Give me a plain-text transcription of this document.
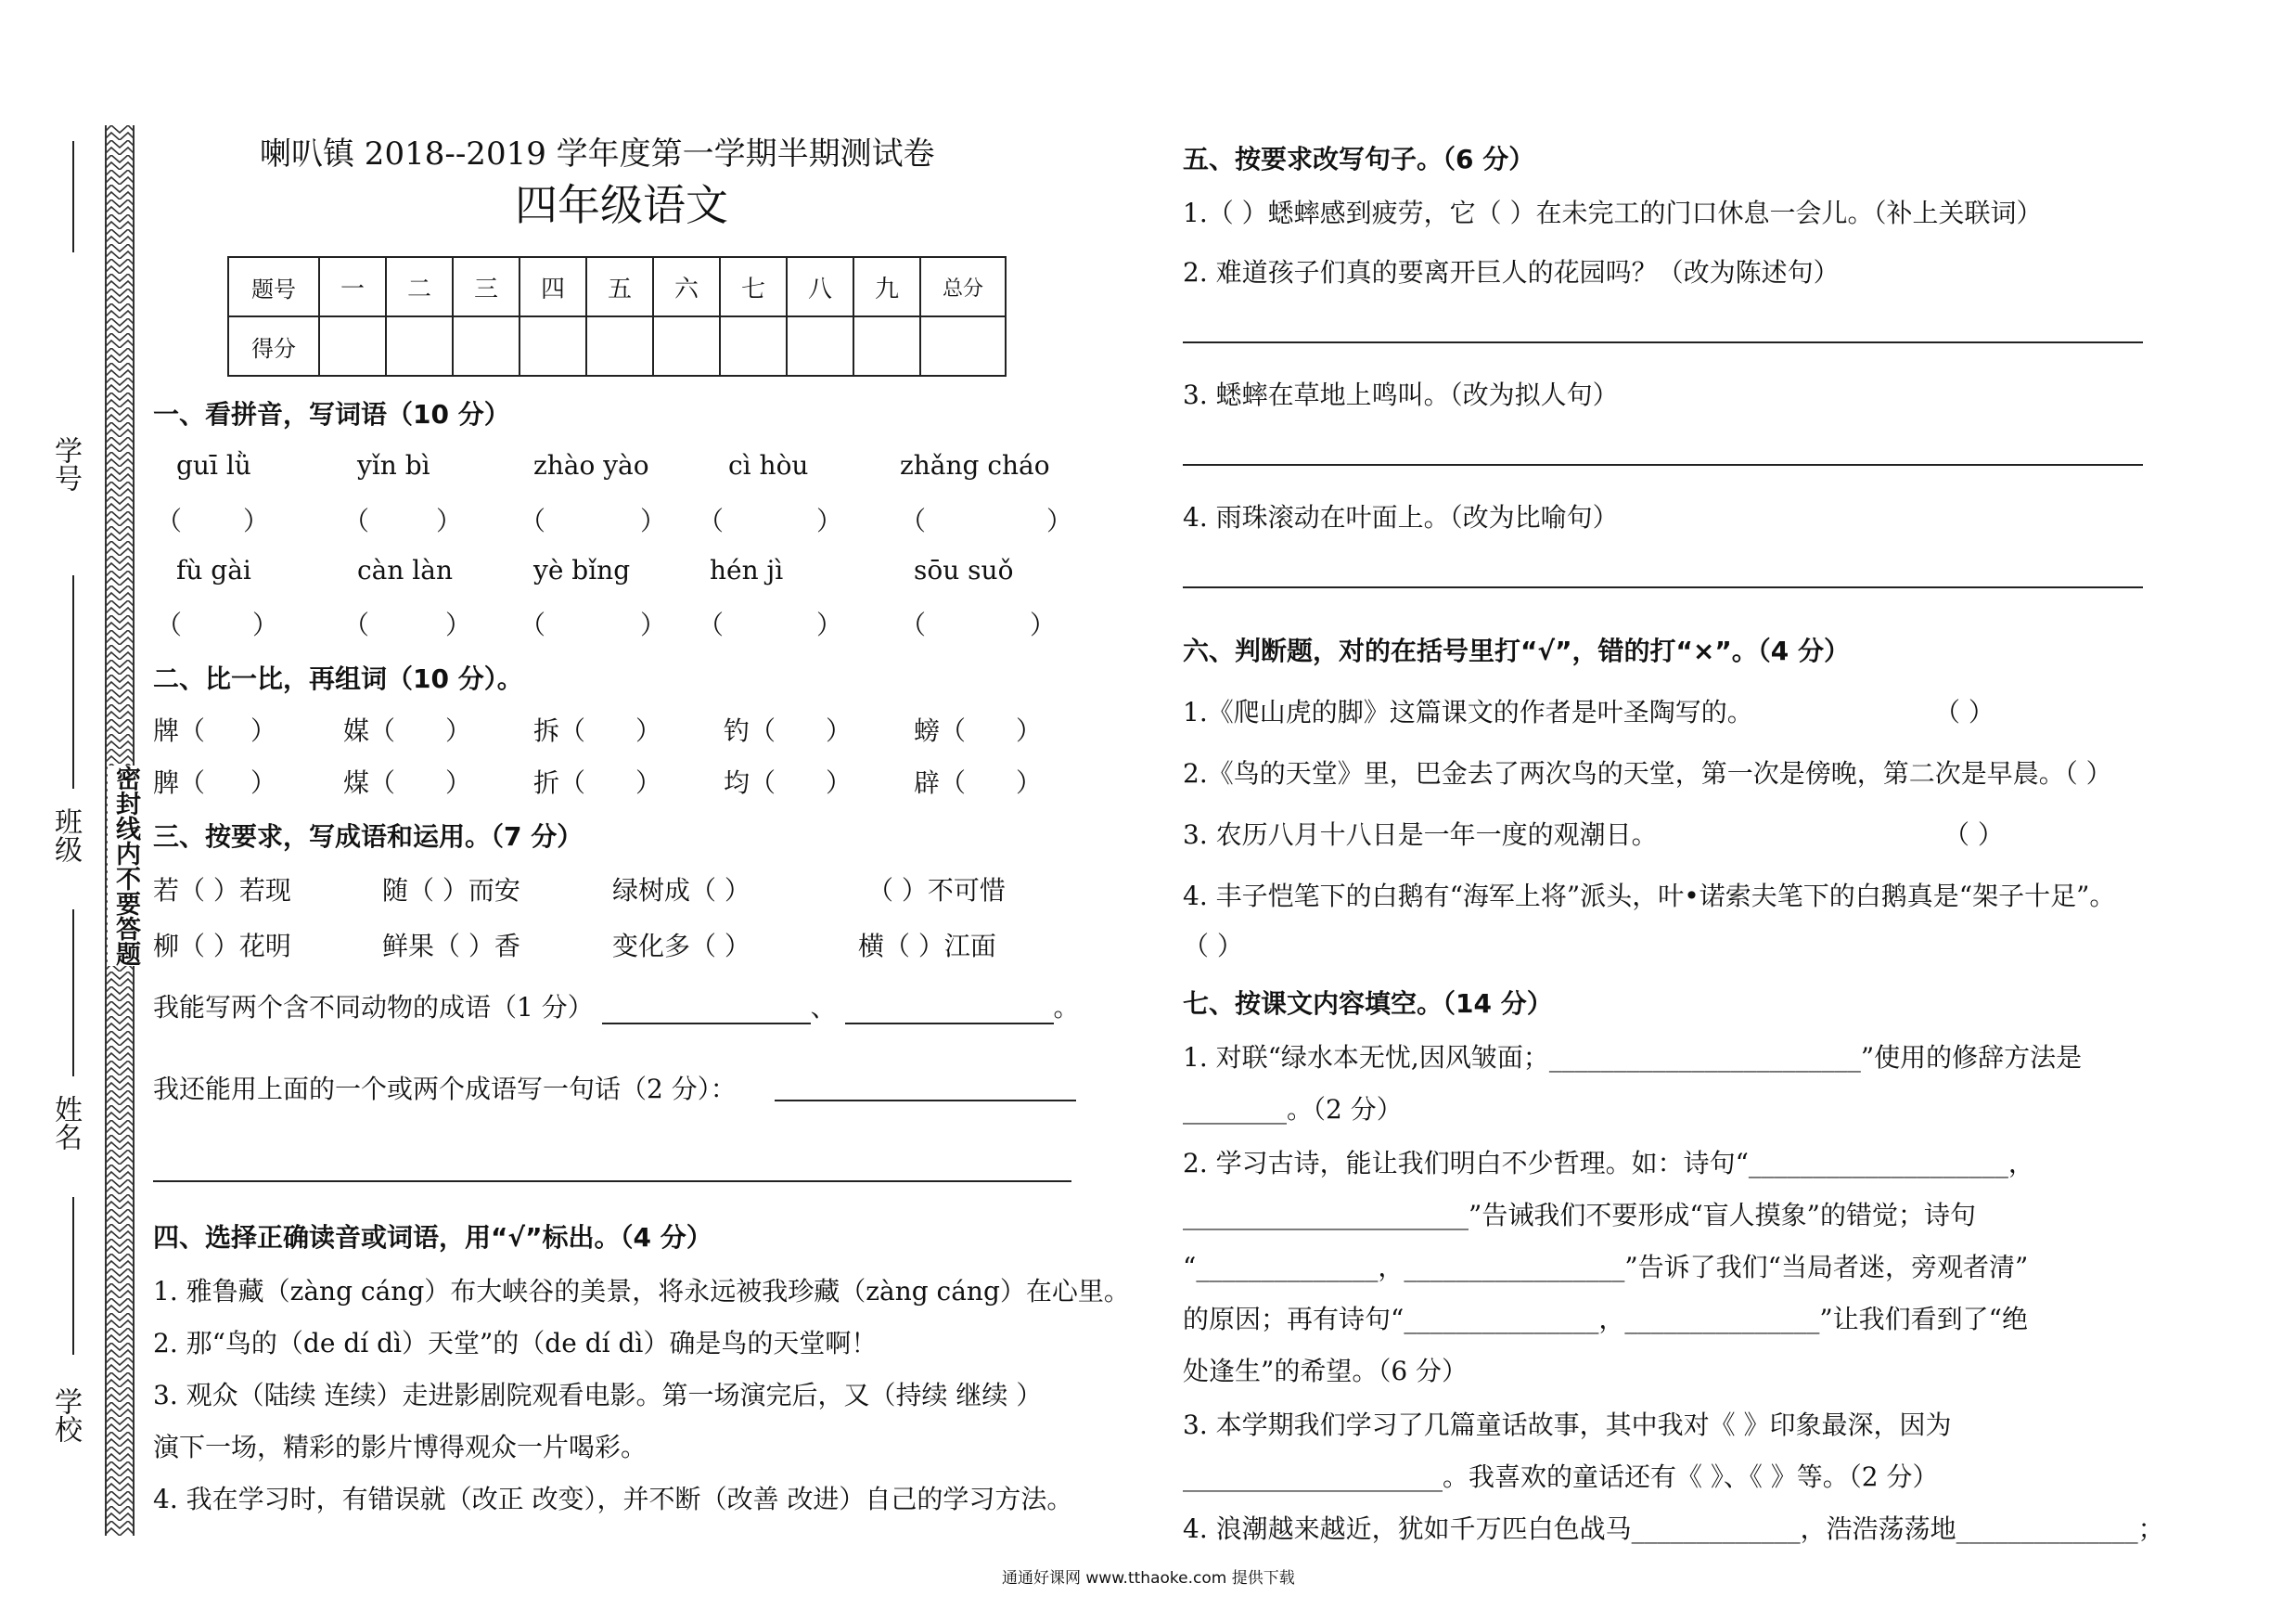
学号
班级
姓名
学校
密封线内不要答题
喇叭镇 2018--2019 学年度第一学期半期测试卷
四年级语文
题号	一	二	三	四	五	六	七	八	九	总分
得分										
一、看拼音，写词语（10 分）
guī lǜ	yǐn bì	zhào yào	cì hòu	zhǎng cháo
（ ）	（	） （	） （	） （	）
fù gài	càn làn	yè bǐng	hén jì	sōu suǒ
（	） （	） （	） （	） （	）
二、比一比，再组词（10 分）。
牌（ ）	媒（ ） 拆（ ） 钓（ ） 螃（ ）
脾（ ）	煤（ ） 折（ ） 均（ ） 辟（ ）
三、按要求，写成语和运用。（7 分）
若（ ）若现	随（ ）而安	绿树成（ ）	（ ）不可惜
柳（ ）花明	鲜果（ ）香	变化多（ ）	横（ ）江面
我能写两个含不同动物的成语（1 分）	、	。
我还能用上面的一个或两个成语写一句话（2 分）：
四、选择正确读音或词语，用“√”标出。（4 分）
1. 雅鲁藏（zàng cáng）布大峡谷的美景，将永远被我珍藏（zàng cáng）在心里。
2. 那“鸟的（de dí dì）天堂”的（de dí dì）确是鸟的天堂啊！
3. 观众（陆续 连续）走进影剧院观看电影。第一场演完后，又（持续 继续 ）
演下一场，精彩的影片博得观众一片喝彩。
4. 我在学习时，有错误就（改正 改变），并不断（改善 改进）自己的学习方法。
五、按要求改写句子。（6 分）
1.（ ）蟋蟀感到疲劳，它（ ）在未完工的门口休息一会儿。（补上关联词）
2. 难道孩子们真的要离开巨人的花园吗？（改为陈述句）
3. 蟋蟀在草地上鸣叫。（改为拟人句）
4. 雨珠滚动在叶面上。（改为比喻句）
六、判断题，对的在括号里打“√”，错的打“×”。（4 分）
1.《爬山虎的脚》这篇课文的作者是叶圣陶写的。	（ ）
2.《鸟的天堂》里，巴金去了两次鸟的天堂，第一次是傍晚，第二次是早晨。（ ）
3. 农历八月十八日是一年一度的观潮日。	（ ）
4. 丰子恺笔下的白鹅有“海军上将”派头，叶•诺索夫笔下的白鹅真是“架子十足”。
（ ）
七、按课文内容填空。（14 分）
1. 对联“绿水本无忧,因风皱面；________________________”使用的修辞方法是
________。（2 分）
2. 学习古诗，能让我们明白不少哲理。如：诗句“____________________，
______________________”告诫我们不要形成“盲人摸象”的错觉；诗句
“______________，_________________”告诉了我们“当局者迷，旁观者清”
的原因；再有诗句“_______________，_______________”让我们看到了“绝
处逢生”的希望。（6 分）
3. 本学期我们学习了几篇童话故事，其中我对《 》印象最深，因为
____________________。我喜欢的童话还有《 》、《 》等。（2 分）
4. 浪潮越来越近，犹如千万匹白色战马_____________，浩浩荡荡地______________；
通通好课网 www.tthaoke.com 提供下载
